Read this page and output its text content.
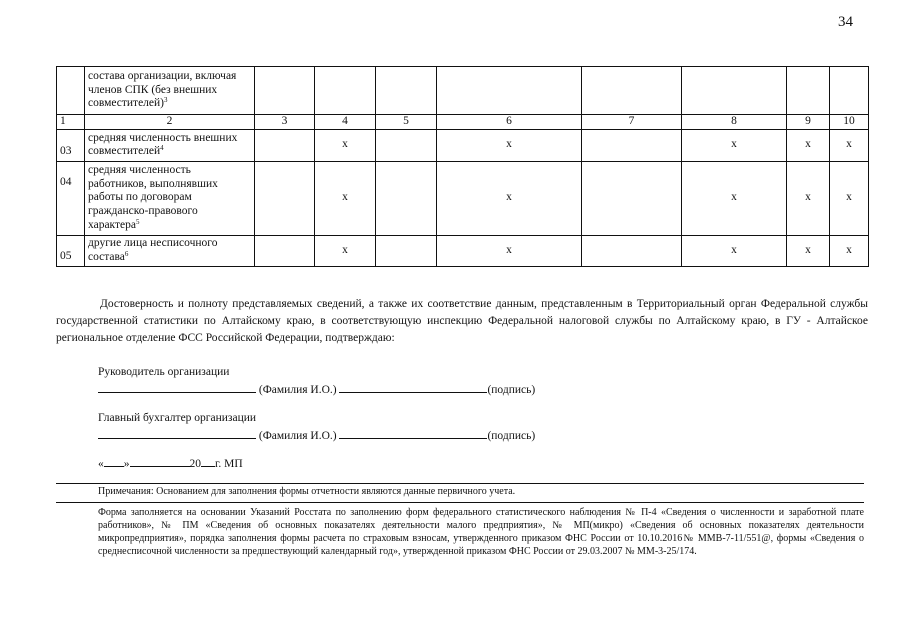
34
	состава организации, включая членов СПК (без внешних совместителей)$^3$								
1	2	3	4	5	6	7	8	9	10
03	средняя численность внешних совместителей$^4$		x		x		x	x	x
04	средняя численность работников, выполнявших работы по договорам гражданско-правового характера$^5$		x		x		x	x	x
05	другие лица несписочного состава$^6$		x		x		x	x	x
Достоверность и полноту представляемых сведений, а также их соответствие данным, представленным в Территориальный орган Федеральной службы государственной статистики по Алтайскому краю, в соответствующую инспекцию Федеральной налоговой службы по Алтайскому краю, в ГУ - Алтайское региональное отделение ФСС Российской Федерации, подтверждаю:
Руководитель организации
(Фамилия И.О.)	(подпись)
Главный бухгалтер организации
(Фамилия И.О.)	(подпись)
« »	20 г. МП
Примечания: Основанием для заполнения формы отчетности являются данные первичного учета.
Форма заполняется на основании Указаний Росстата по заполнению форм федерального статистического наблюдения № П-4 «Сведения о численности и заработной плате работников», № ПМ «Сведения об основных показателях деятельности малого предприятия», № МП(микро) «Сведения об основных показателях деятельности микропредприятия», порядка заполнения формы расчета по страховым взносам, утвержденного приказом ФНС России от 10.10.2016№ ММВ-7-11/551@, формы «Сведения о среднесписочной численности за предшествующий календарный год», утвержденной приказом ФНС России от 29.03.2007 № ММ-3-25/174.
